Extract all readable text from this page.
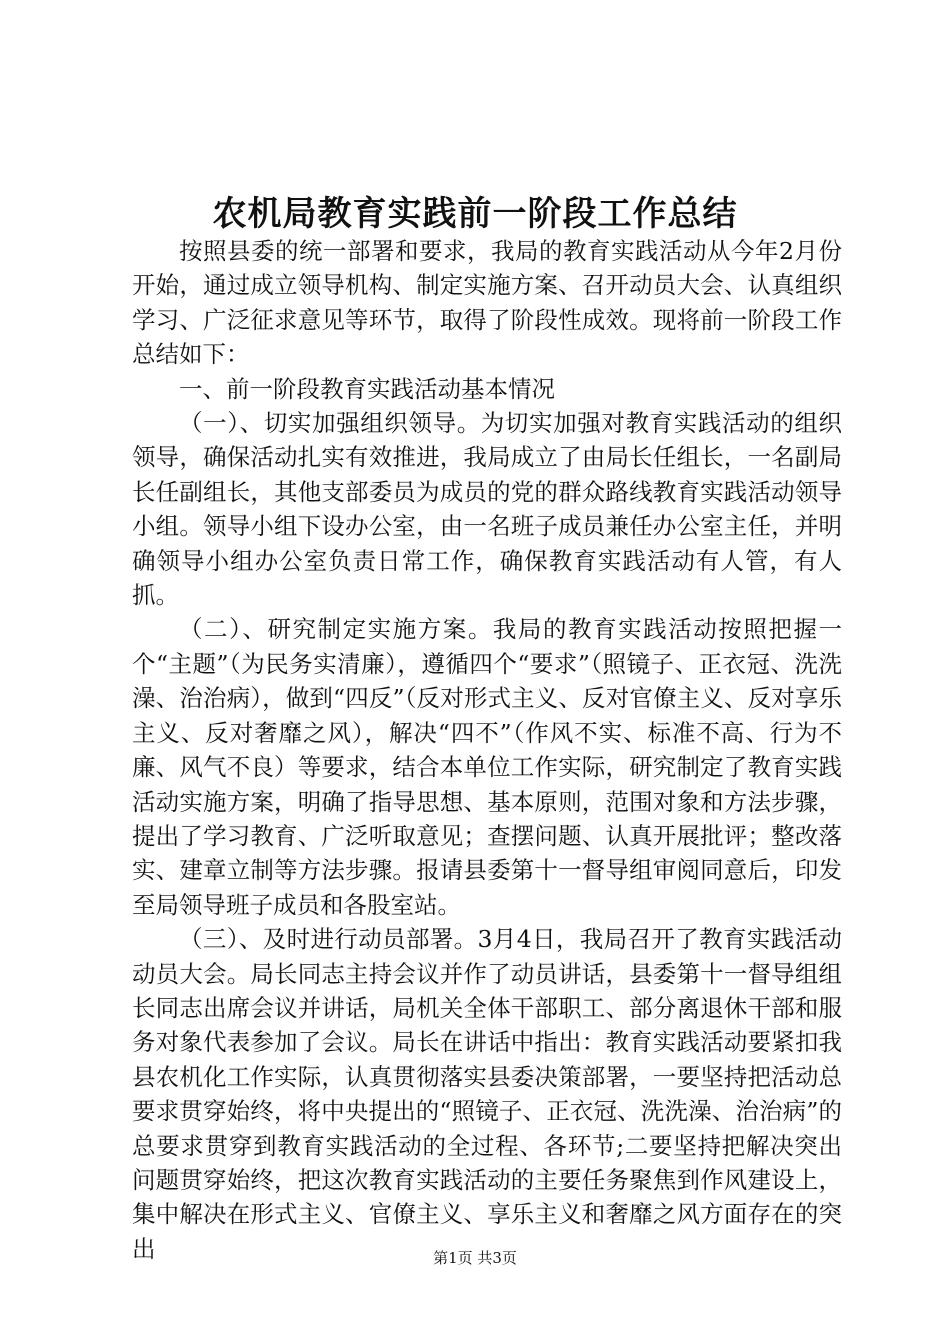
农机局教育实践前一阶段工作总结

按照县委的统一部署和要求，我局的教育实践活动从今年2月份开始，通过成立领导机构、制定实施方案、召开动员大会、认真组织学习、广泛征求意见等环节，取得了阶段性成效。现将前一阶段工作总结如下：

一、前一阶段教育实践活动基本情况

（一）、切实加强组织领导。为切实加强对教育实践活动的组织领导，确保活动扎实有效推进，我局成立了由局长任组长，一名副局长任副组长，其他支部委员为成员的党的群众路线教育实践活动领导小组。领导小组下设办公室，由一名班子成员兼任办公室主任，并明确领导小组办公室负责日常工作，确保教育实践活动有人管，有人抓。

（二）、研究制定实施方案。我局的教育实践活动按照把握一个“主题”（为民务实清廉），遵循四个“要求”（照镜子、正衣冠、洗洗澡、治治病），做到“四反”（反对形式主义、反对官僚主义、反对享乐主义、反对奢靡之风），解决“四不”（作风不实、标准不高、行为不廉、风气不良）等要求，结合本单位工作实际，研究制定了教育实践活动实施方案，明确了指导思想、基本原则，范围对象和方法步骤，提出了学习教育、广泛听取意见；查摆问题、认真开展批评；整改落实、建章立制等方法步骤。报请县委第十一督导组审阅同意后，印发至局领导班子成员和各股室站。

（三）、及时进行动员部署。3月4日，我局召开了教育实践活动动员大会。局长同志主持会议并作了动员讲话，县委第十一督导组组长同志出席会议并讲话，局机关全体干部职工、部分离退休干部和服务对象代表参加了会议。局长在讲话中指出：教育实践活动要紧扣我县农机化工作实际，认真贯彻落实县委决策部署，一要坚持把活动总要求贯穿始终，将中央提出的“照镜子、正衣冠、洗洗澡、治治病”的总要求贯穿到教育实践活动的全过程、各环节;二要坚持把解决突出问题贯穿始终，把这次教育实践活动的主要任务聚焦到作风建设上，集中解决在形式主义、官僚主义、享乐主义和奢靡之风方面存在的突出	第1页 共3页
